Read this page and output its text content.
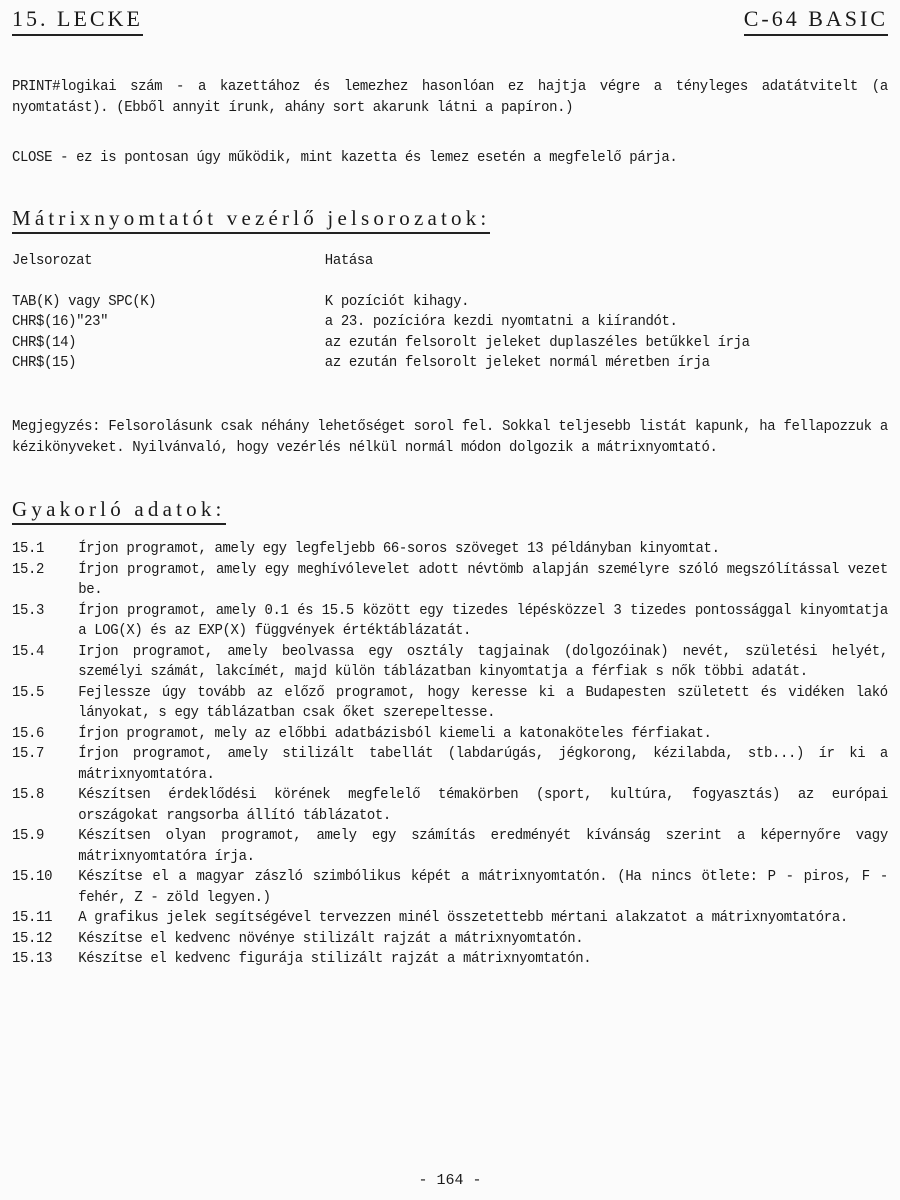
15. LECKE	C-64 BASIC

PRINT#logikai szám - a kazettához és lemezhez hasonlóan ez hajtja végre a tényleges adatátvitelt (a nyomtatást). (Ebből annyit írunk, ahány sort akarunk látni a papíron.)

CLOSE - ez is pontosan úgy működik, mint kazetta és lemez esetén a megfelelő párja.

Mátrixnyomtatót vezérlő jelsorozatok:
Jelsorozat	Hatása
TAB(K) vagy SPC(K)	K pozíciót kihagy.
CHR$(16)"23"	a 23. pozícióra kezdi nyomtatni a kiírandót.
CHR$(14)	az ezután felsorolt jeleket duplaszéles betűkkel írja
CHR$(15)	az ezután felsorolt jeleket normál méretben írja

Megjegyzés: Felsorolásunk csak néhány lehetőséget sorol fel. Sokkal teljesebb listát kapunk, ha fellapozzuk a kézikönyveket. Nyilvánvaló, hogy vezérlés nélkül normál módon dolgozik a mátrixnyomtató.

Gyakorló adatok:
15.1	Írjon programot, amely egy legfeljebb 66-soros szöveget 13 példányban kinyomtat.
15.2	Írjon programot, amely egy meghívólevelet adott névtömb alapján személyre szóló megszólítással vezet be.
15.3	Írjon programot, amely 0.1 és 15.5 között egy tizedes lépésközzel 3 tizedes pontossággal kinyomtatja a LOG(X) és az EXP(X) függvények értéktáblázatát.
15.4	Irjon programot, amely beolvassa egy osztály tagjainak (dolgozóinak) nevét, születési helyét, személyi számát, lakcímét, majd külön táblázatban kinyomtatja a férfiak s nők többi adatát.
15.5	Fejlessze úgy tovább az előző programot, hogy keresse ki a Budapesten született és vidéken lakó lányokat, s egy táblázatban csak őket szerepeltesse.
15.6	Írjon programot, mely az előbbi adatbázisból kiemeli a katonaköteles férfiakat.
15.7	Írjon programot, amely stilizált tabellát (labdarúgás, jégkorong, kézilabda, stb...) ír ki a mátrixnyomtatóra.
15.8	Készítsen érdeklődési körének megfelelő témakörben (sport, kultúra, fogyasztás) az európai országokat rangsorba állító táblázatot.
15.9	Készítsen olyan programot, amely egy számítás eredményét kívánság szerint a képernyőre vagy mátrixnyomtatóra írja.
15.10	Készítse el a magyar zászló szimbólikus képét a mátrixnyomtatón. (Ha nincs ötlete: P - piros, F - fehér, Z - zöld legyen.)
15.11	A grafikus jelek segítségével tervezzen minél összetettebb mértani alakzatot a mátrixnyomtatóra.
15.12	Készítse el kedvenc növénye stilizált rajzát a mátrixnyomtatón.
15.13	Készítse el kedvenc figurája stilizált rajzát a mátrixnyomtatón.
- 164 -
